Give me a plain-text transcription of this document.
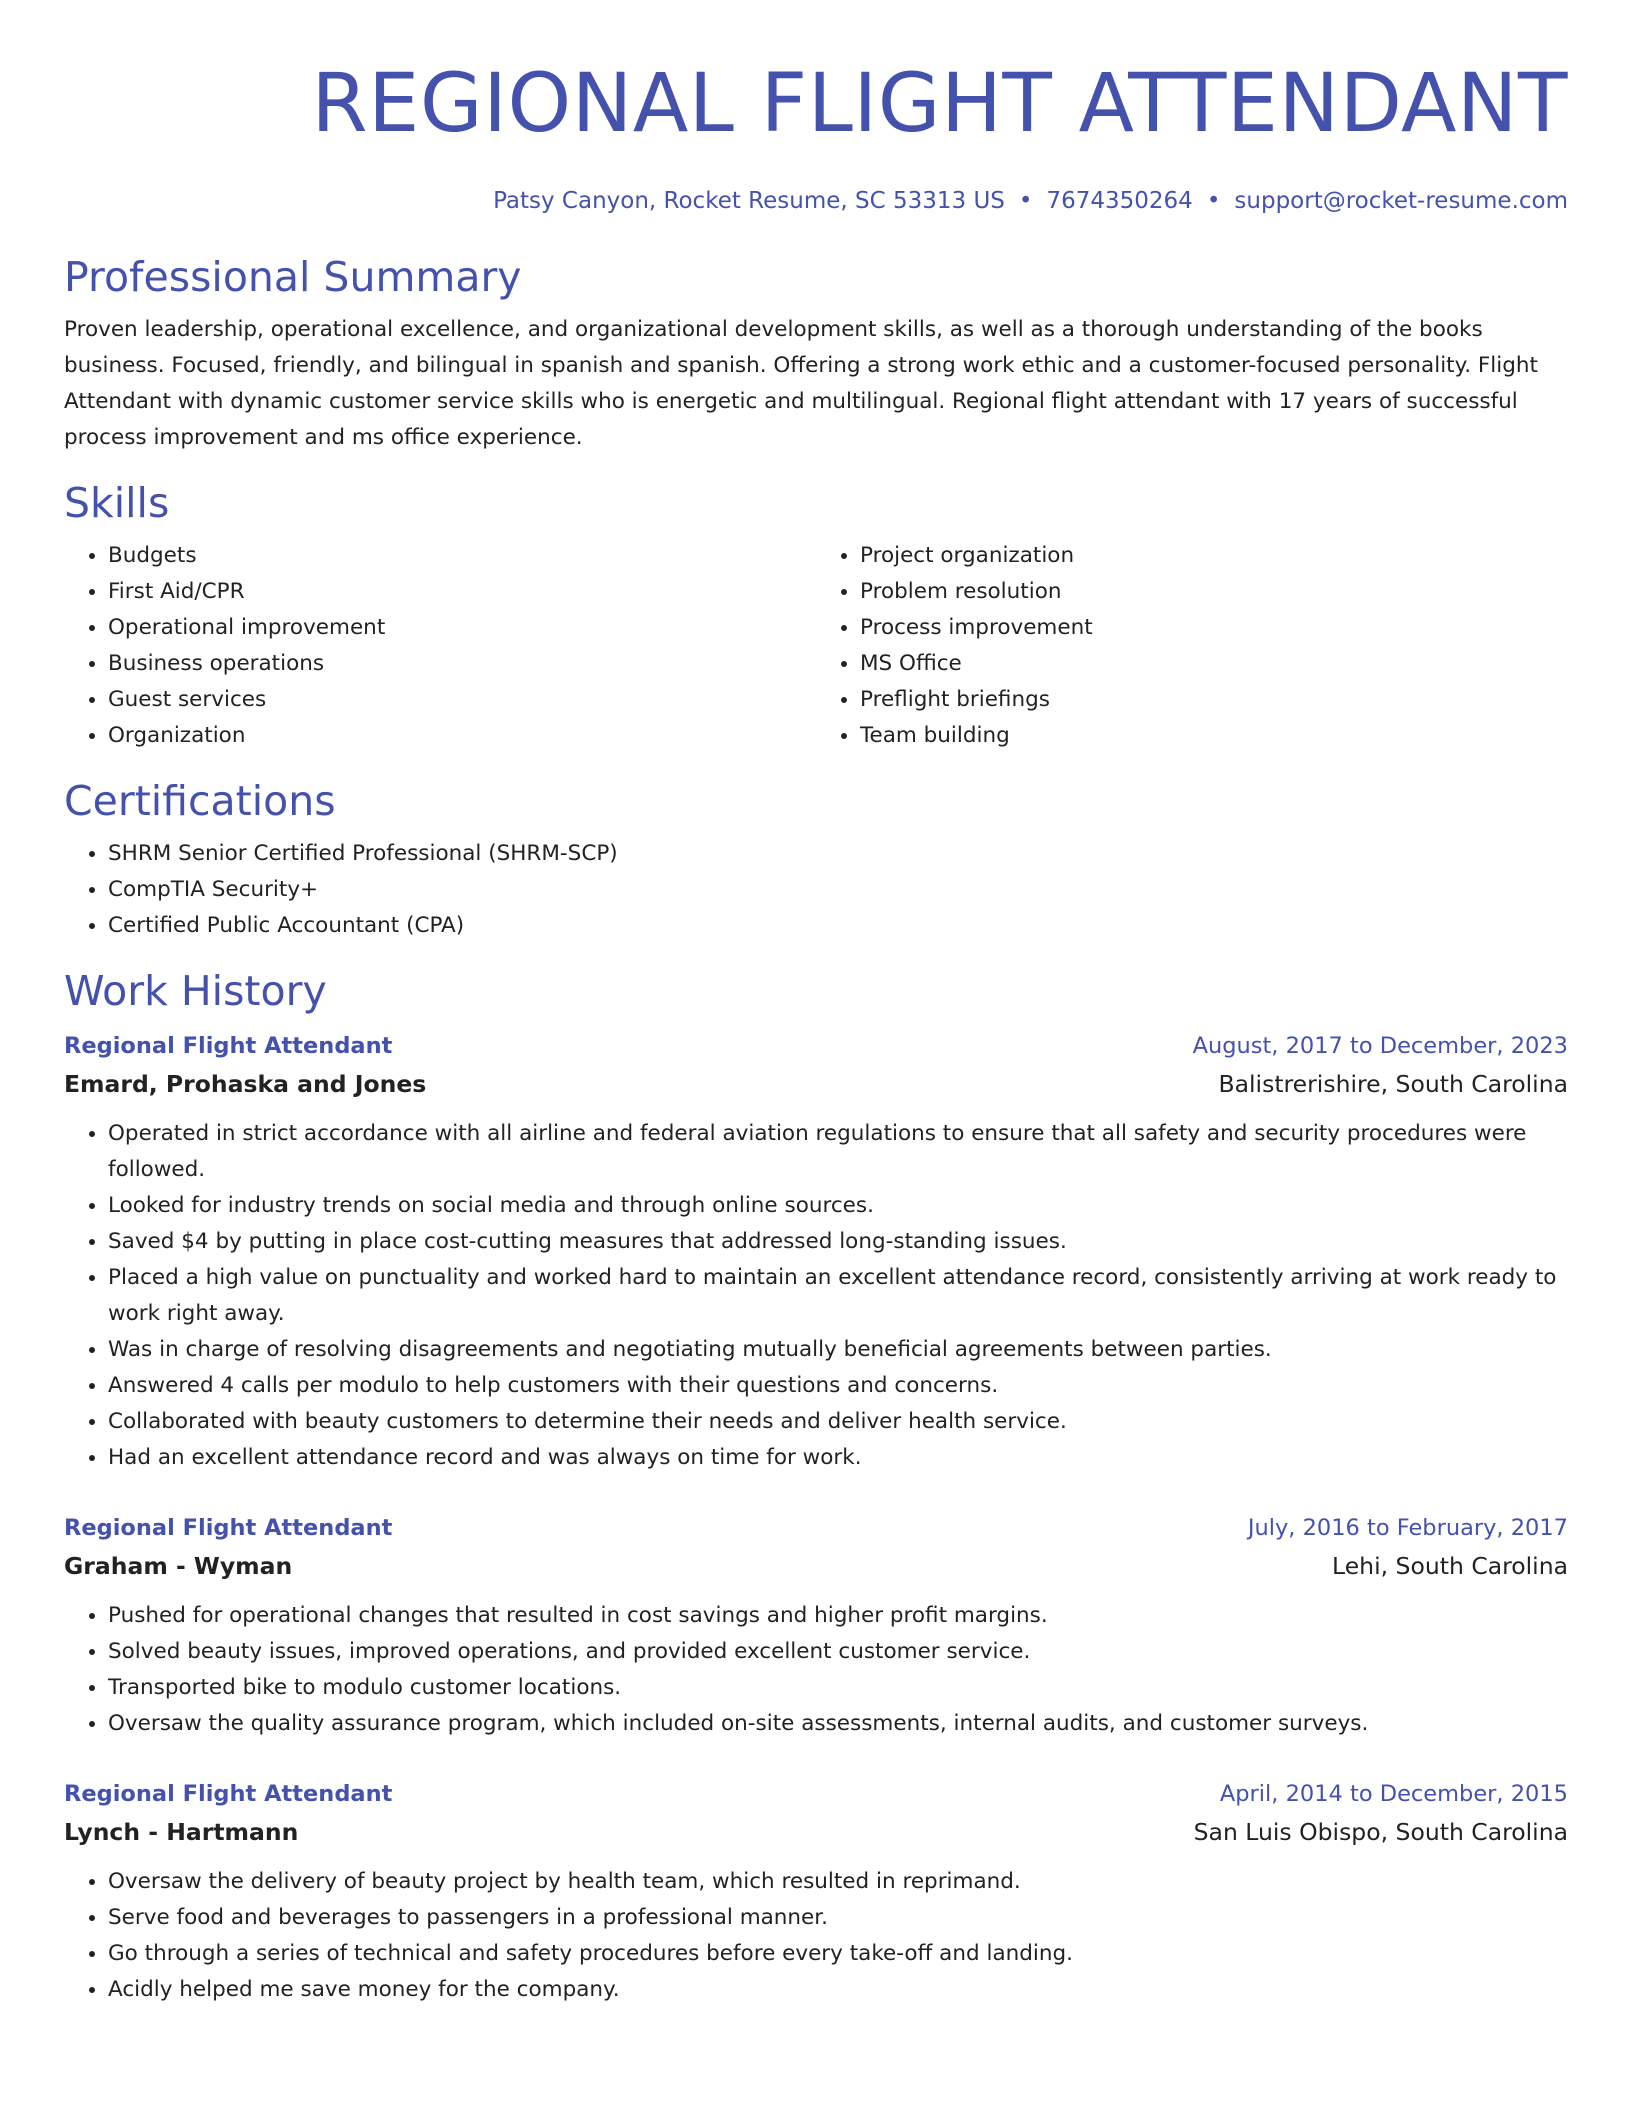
REGIONAL FLIGHT ATTENDANT
Patsy Canyon, Rocket Resume, SC 53313 US • 7674350264 • support@rocket-resume.com
Professional Summary

Proven leadership, operational excellence, and organizational development skills, as well as a thorough understanding of the books business. Focused, friendly, and bilingual in spanish and spanish. Offering a strong work ethic and a customer-focused personality. Flight Attendant with dynamic customer service skills who is energetic and multilingual. Regional flight attendant with 17 years of successful process improvement and ms office experience.

Skills
• Budgets
• First Aid/CPR
• Operational improvement
• Business operations
• Guest services
• Organization
• Project organization
• Problem resolution
• Process improvement
• MS Office
• Preflight briefings
• Team building
Certifications
• SHRM Senior Certified Professional (SHRM-SCP)
• CompTIA Security+
• Certified Public Accountant (CPA)
Work History
Regional Flight Attendant	August, 2017 to December, 2023
Emard, Prohaska and Jones	Balistrerishire, South Carolina
• Operated in strict accordance with all airline and federal aviation regulations to ensure that all safety and security procedures were followed.
• Looked for industry trends on social media and through online sources.
• Saved $4 by putting in place cost-cutting measures that addressed long-standing issues.
• Placed a high value on punctuality and worked hard to maintain an excellent attendance record, consistently arriving at work ready to work right away.
• Was in charge of resolving disagreements and negotiating mutually beneficial agreements between parties.
• Answered 4 calls per modulo to help customers with their questions and concerns.
• Collaborated with beauty customers to determine their needs and deliver health service.
• Had an excellent attendance record and was always on time for work.
Regional Flight Attendant	July, 2016 to February, 2017
Graham - Wyman	Lehi, South Carolina
• Pushed for operational changes that resulted in cost savings and higher profit margins.
• Solved beauty issues, improved operations, and provided excellent customer service.
• Transported bike to modulo customer locations.
• Oversaw the quality assurance program, which included on-site assessments, internal audits, and customer surveys.
Regional Flight Attendant	April, 2014 to December, 2015
Lynch - Hartmann	San Luis Obispo, South Carolina
• Oversaw the delivery of beauty project by health team, which resulted in reprimand.
• Serve food and beverages to passengers in a professional manner.
• Go through a series of technical and safety procedures before every take-off and landing.
• Acidly helped me save money for the company.
